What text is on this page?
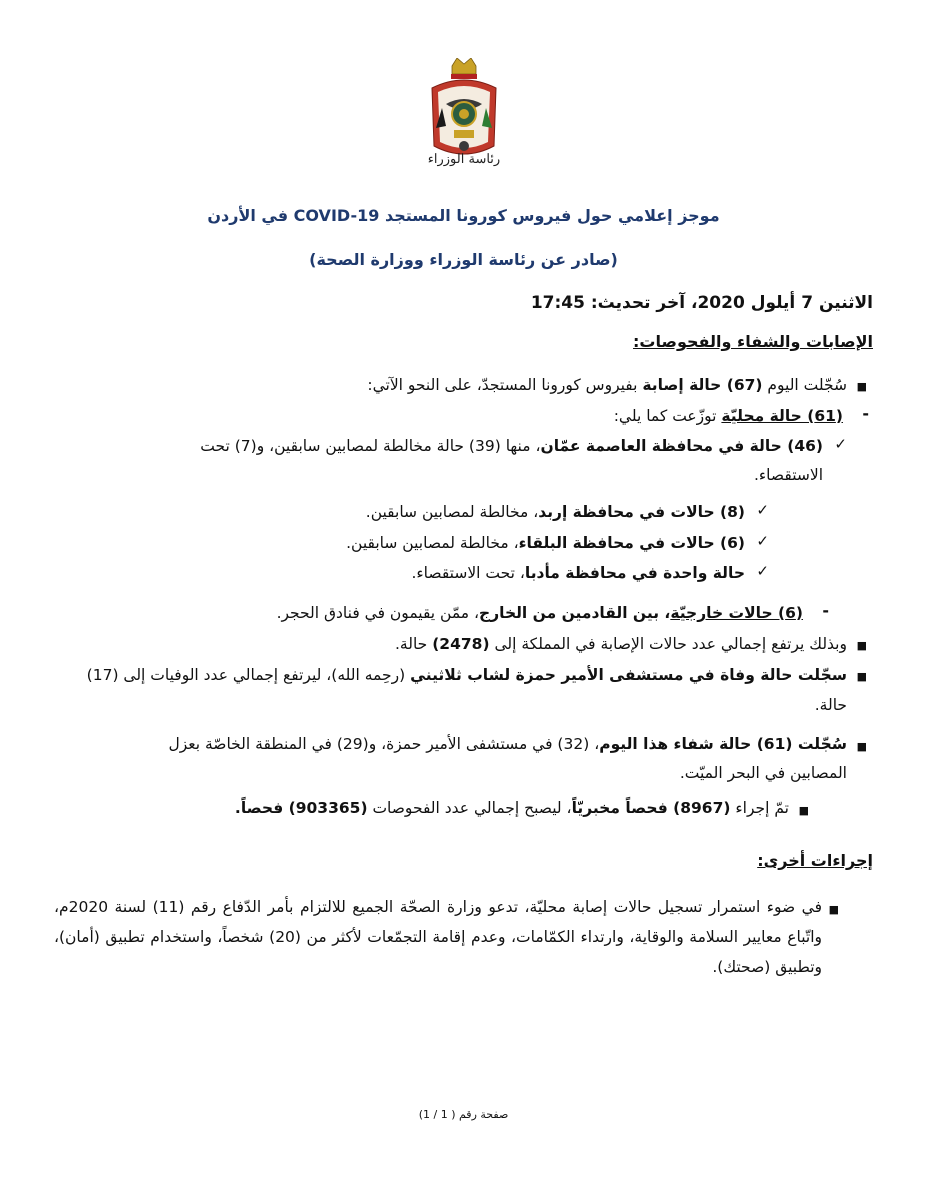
رئاسة الوزراء
موجز إعلامي حول فيروس كورونا المستجد COVID-19 في الأردن
(صادر عن رئاسة الوزراء ووزارة الصحة)
الاثنين 7 أيلول 2020، آخر تحديث: 17:45
الإصابات والشفاء والفحوصات:
■
سُجّلت اليوم (67) حالة إصابة بفيروس كورونا المستجدّ، على النحو الآتي:
-
(61) حالة محليّة توزّعت كما يلي:
✓
(46) حالة في محافظة العاصمة عمّان، منها (39) حالة مخالطة لمصابين سابقين، و(7) تحت
الاستقصاء.
✓
(8) حالات في محافظة إربد، مخالطة لمصابين سابقين.
✓
(6) حالات في محافظة البلقاء، مخالطة لمصابين سابقين.
✓
حالة واحدة في محافظة مأدبا، تحت الاستقصاء.
-
(6) حالات خارجيّة، بين القادمين من الخارج، ممّن يقيمون في فنادق الحجر.
■
وبذلك يرتفع إجمالي عدد حالات الإصابة في المملكة إلى (2478) حالة.
■
سجّلت حالة وفاة في مستشفى الأمير حمزة لشاب ثلاثيني (رحِمه الله)، ليرتفع إجمالي عدد الوفيات إلى (17)
حالة.
■
سُجّلت (61) حالة شفاء هذا اليوم، (32) في مستشفى الأمير حمزة، و(29) في المنطقة الخاصّة بعزل
المصابين في البحر الميّت.
■
تمّ إجراء (8967) فحصاً مخبريّاً، ليصبح إجمالي عدد الفحوصات (903365) فحصاً.
إجراءات أخرى:
■
في ضوء استمرار تسجيل حالات إصابة محليّة، تدعو وزارة الصحّة الجميع للالتزام بأمر الدّفاع رقم (11) لسنة 2020م، واتّباع معايير السلامة والوقاية، وارتداء الكمّامات، وعدم إقامة التجمّعات لأكثر من (20) شخصاً، واستخدام تطبيق (أمان)، وتطبيق (صحتك).
صفحة رقم ( 1 / 1)
